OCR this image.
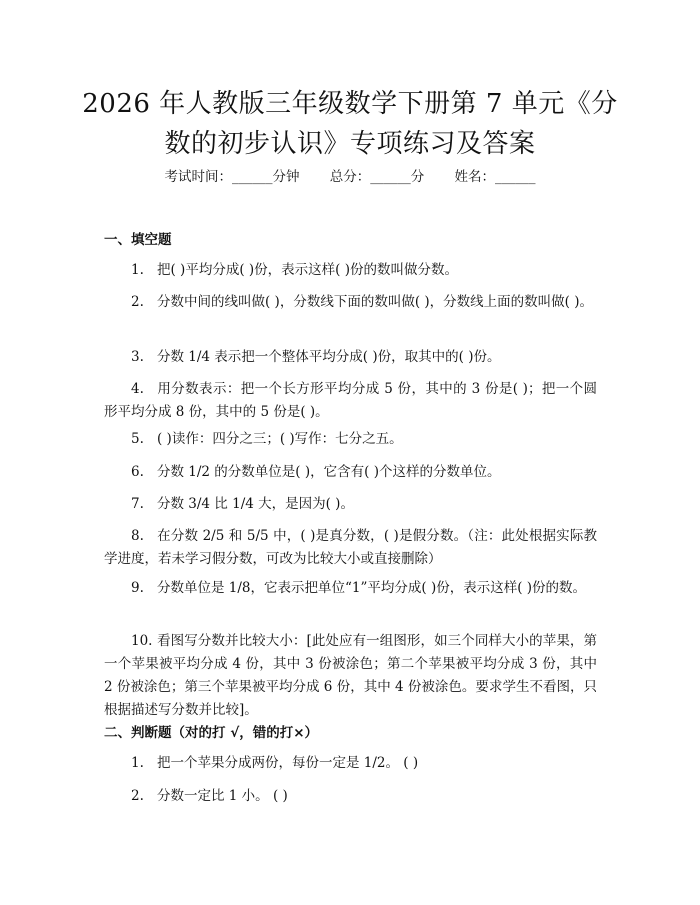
2026 年人教版三年级数学下册第 7 单元《分
数的初步认识》专项练习及答案
考试时间：______分钟 总分：______分 姓名：______
一、填空题
1. 把( )平均分成( )份，表示这样( )份的数叫做分数。
2. 分数中间的线叫做( )，分数线下面的数叫做( )，分数线上面的数叫做( )。
3. 分数 1/4 表示把一个整体平均分成( )份，取其中的( )份。
4. 用分数表示：把一个长方形平均分成 5 份，其中的 3 份是( )；把一个圆形平均分成 8 份，其中的 5 份是( )。
5. ( )读作：四分之三；( )写作：七分之五。
6. 分数 1/2 的分数单位是( )，它含有( )个这样的分数单位。
7. 分数 3/4 比 1/4 大，是因为( )。
8. 在分数 2/5 和 5/5 中，( )是真分数，( )是假分数。（注：此处根据实际教学进度，若未学习假分数，可改为比较大小或直接删除）
9. 分数单位是 1/8，它表示把单位“1”平均分成( )份，表示这样( )份的数。
10. 看图写分数并比较大小：[此处应有一组图形，如三个同样大小的苹果，第一个苹果被平均分成 4 份，其中 3 份被涂色；第二个苹果被平均分成 3 份，其中 2 份被涂色；第三个苹果被平均分成 6 份，其中 4 份被涂色。要求学生不看图，只根据描述写分数并比较]。
二、判断题（对的打 √，错的打×）
1. 把一个苹果分成两份，每份一定是 1/2。 ( )
2. 分数一定比 1 小。 ( )
